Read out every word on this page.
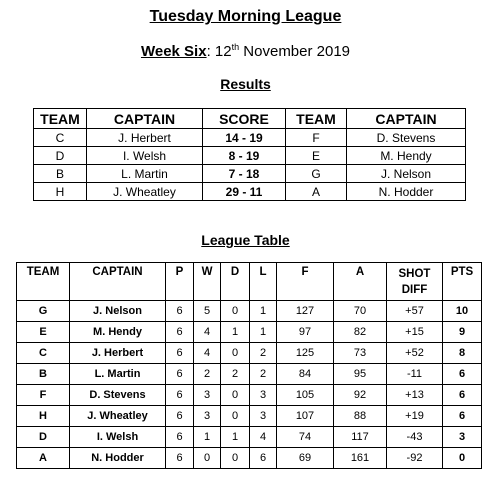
Tuesday Morning League
Week Six: 12th November 2019
Results
TEAM	CAPTAIN	SCORE	TEAM	CAPTAIN
C	J. Herbert	14 - 19	F	D. Stevens
D	I. Welsh	8 - 19	E	M. Hendy
B	L. Martin	7 - 18	G	J. Nelson
H	J. Wheatley	29 - 11	A	N. Hodder
League Table
TEAM	CAPTAIN	P	W	D	L	F	A	SHOT DIFF	PTS
G	J. Nelson	6	5	0	1	127	70	+57	10
E	M. Hendy	6	4	1	1	97	82	+15	9
C	J. Herbert	6	4	0	2	125	73	+52	8
B	L. Martin	6	2	2	2	84	95	-11	6
F	D. Stevens	6	3	0	3	105	92	+13	6
H	J. Wheatley	6	3	0	3	107	88	+19	6
D	I. Welsh	6	1	1	4	74	117	-43	3
A	N. Hodder	6	0	0	6	69	161	-92	0
